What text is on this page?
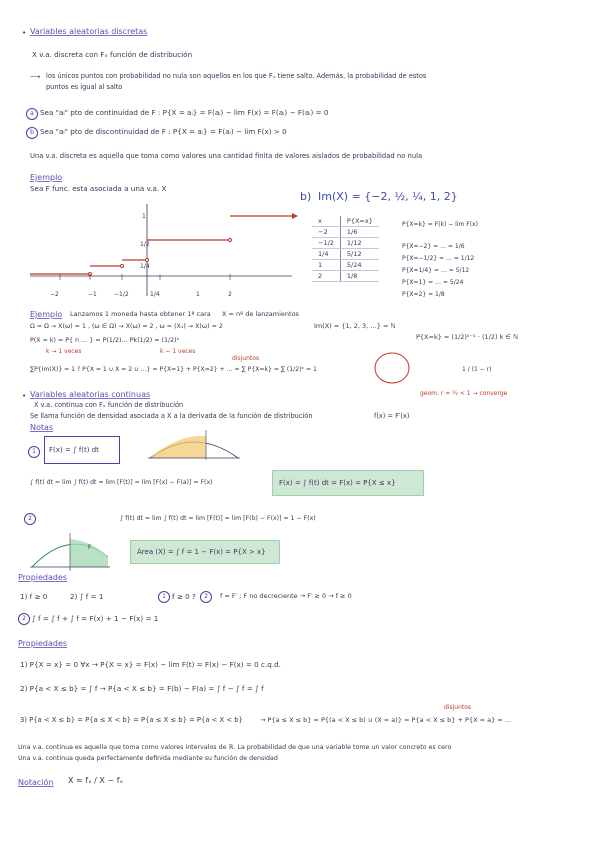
• Variables aleatorias discretas
X v.a. discreta con Fₓ función de distribución
⟶ los únicos puntos con probabilidad no nula son aquellos en los que Fₓ tiene salto. Además, la probabilidad de estos
puntos es igual al salto
a Sea "aᵢ" pto de continuidad de F : P{X = aᵢ} = F(aᵢ) − lim F(x) = F(aᵢ) − F(aᵢ) = 0
b Sea "aᵢ" pto de discontinuidad de F : P{X = aᵢ} = F(aᵢ) − lim F(x) > 0
Una v.a. discreta es aquella que toma como valores una cantidad finita de valores aislados de probabilidad no nula
Ejemplo
Sea F func. esta asociada a una v.a. X
−2	−1	−1/2	1/4	1	2
1
1/2
1/4
b) Im(X) = {−2, ½, ¼, 1, 2}
x	P{X=x}
−2	1/6
−1/2	1/12
1/4	5/12
1	5/24
2	1/8
P{X=k} = F(k) − lim F(x)
P{X=−2} = … = 1/6
P{X=−1/2} = … = 1/12
P{X=1/4} = … = 5/12
P{X=1} = … = 5/24
P{X=2} = 1/8
Ejemplo Lanzamos 1 moneda hasta obtener 1ª cara X = nº de lanzamientos
Im(X) = {1, 2, 3, …} = ℕ
Ω = Ω → X(ω) = 1 , (ω ∈ Ω) → X(ω) = 2 , ω = (X₁) → X(ω) = 2
P(X = k) = P{ n … } = P(1/2)… Pk(1/2) = (1/2)ᵏ
k → 1 veces	k − 1 veces
P{X=k} = (1/2)ᵏ⁻¹ · (1/2) k ∈ ℕ
∑P{Im(X)} = 1 ? P{X = 1 ∪ X = 2 ∪ …} = P{X=1} + P{X=2} + … = ∑ P{X=k} = ∑ (1/2)ᵏ = 1
disjuntos
geom. r = ½ < 1 → converge
1 / (1 − r)
• Variables aleatorias continuas
X v.a. continua con Fₓ función de distribución
Se llama función de densidad asociada a X a la derivada de la función de distribución	f(x) = F′(x)
Notas
1	F(x) = ∫ f(t) dt
∫ f(t) dt = lim ∫ f(t) dt = lim [F(t)] = lim [F(x) − F(a)] = F(x)	F(x) = ∫ f(t) dt = F(x) = P{X ≤ x}
2	∫ f(t) dt = lim ∫ f(t) dt = lim [F(t)] = lim [F(b) − F(x)] = 1 − F(x)
F
Área (X) = ∫ f = 1 − F(x) = P{X > x}
Propiedades
1) f ≥ 0	2) ∫ f = 1	1 f ≥ 0 ?	2	f = F′ ; F no decreciente → F′ ≥ 0 → f ≥ 0
2 ∫ f = ∫ f + ∫ f = F(x) + 1 − F(x) = 1
Propiedades
1) P{X = x} = 0 ∀x → P{X = x} = F(x) − lim F(t) = F(x) − F(x) = 0 c.q.d.
2) P{a < X ≤ b} = ∫ f → P{a < X ≤ b} = F(b) − F(a) = ∫ f − ∫ f = ∫ f
3) P{a < X ≤ b} = P{a ≤ X < b} = P{a ≤ X ≤ b} = P{a < X < b}	→ P{a ≤ X ≤ b} = P{(a < X ≤ b) ∪ (X = a)} = P{a < X ≤ b} + P{X = a} = …
disjuntos
Una v.a. continua es aquella que toma como valores intervalos de ℝ. La probabilidad de que una variable tome un valor concreto es cero
Una v.a. continua queda perfectamente definida mediante su función de densidad
Notación X ≈ fₓ / X ~ fₓ
